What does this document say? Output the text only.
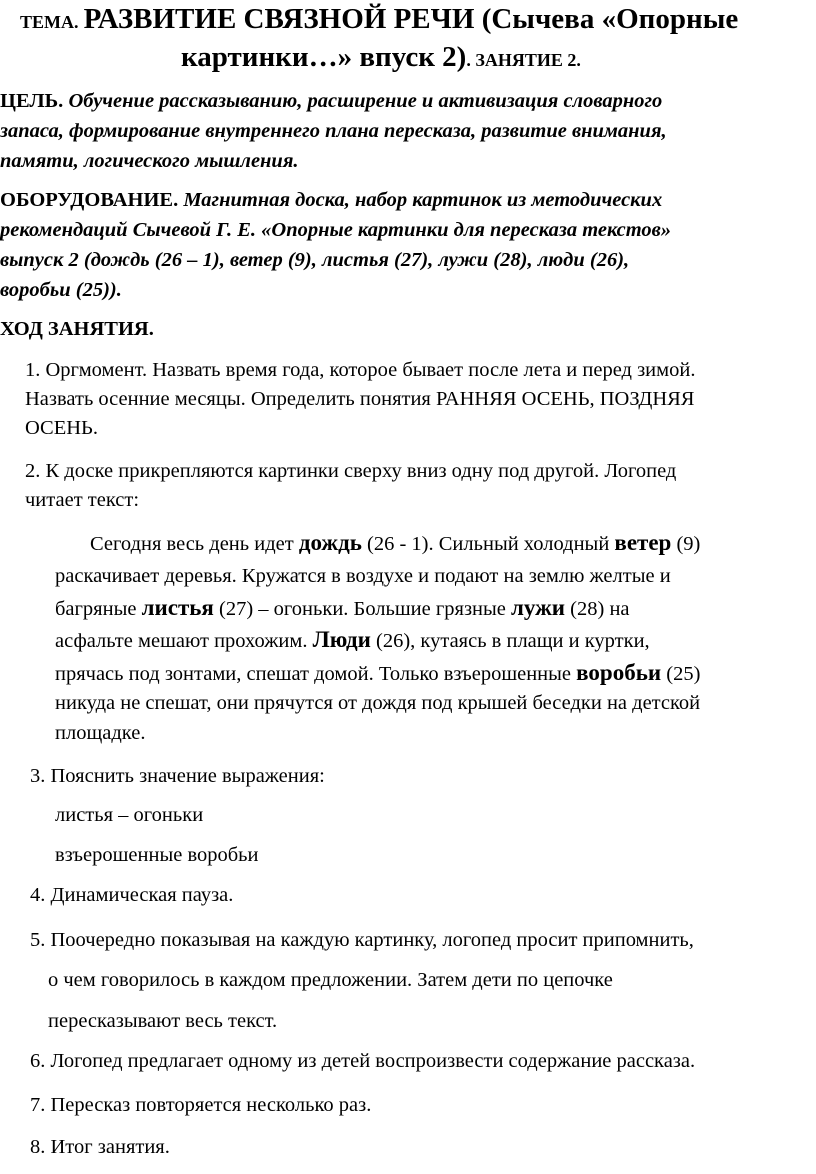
ТЕМА. РАЗВИТИЕ СВЯЗНОЙ РЕЧИ (Сычева «Опорные
картинки…» впуск 2). ЗАНЯТИЕ 2.
ЦЕЛЬ. Обучение рассказыванию, расширение и активизация словарного
запаса, формирование внутреннего плана пересказа, развитие внимания,
памяти, логического мышления.
ОБОРУДОВАНИЕ. Магнитная доска, набор картинок из методических
рекомендаций Сычевой Г. Е. «Опорные картинки для пересказа текстов»
выпуск 2 (дождь (26 – 1), ветер (9), листья (27), лужи (28), люди (26),
воробьи (25)).
ХОД ЗАНЯТИЯ.
1. Оргмомент. Назвать время года, которое бывает после лета и перед зимой.
Назвать осенние месяцы. Определить понятия РАННЯЯ ОСЕНЬ, ПОЗДНЯЯ
ОСЕНЬ.
2. К доске прикрепляются картинки сверху вниз одну под другой. Логопед
читает текст:
Сегодня весь день идет дождь (26 - 1). Сильный холодный ветер (9)
раскачивает деревья. Кружатся в воздухе и подают на землю желтые и
багряные листья (27) – огоньки. Большие грязные лужи (28) на
асфальте мешают прохожим. Люди (26), кутаясь в плащи и куртки,
прячась под зонтами, спешат домой. Только взъерошенные воробьи (25)
никуда не спешат, они прячутся от дождя под крышей беседки на детской
площадке.
3. Пояснить значение выражения:
листья – огоньки
взъерошенные воробьи
4. Динамическая пауза.
5. Поочередно показывая на каждую картинку, логопед просит припомнить,
о чем говорилось в каждом предложении. Затем дети по цепочке
пересказывают весь текст.
6. Логопед предлагает одному из детей воспроизвести содержание рассказа.
7. Пересказ повторяется несколько раз.
8. Итог занятия.
